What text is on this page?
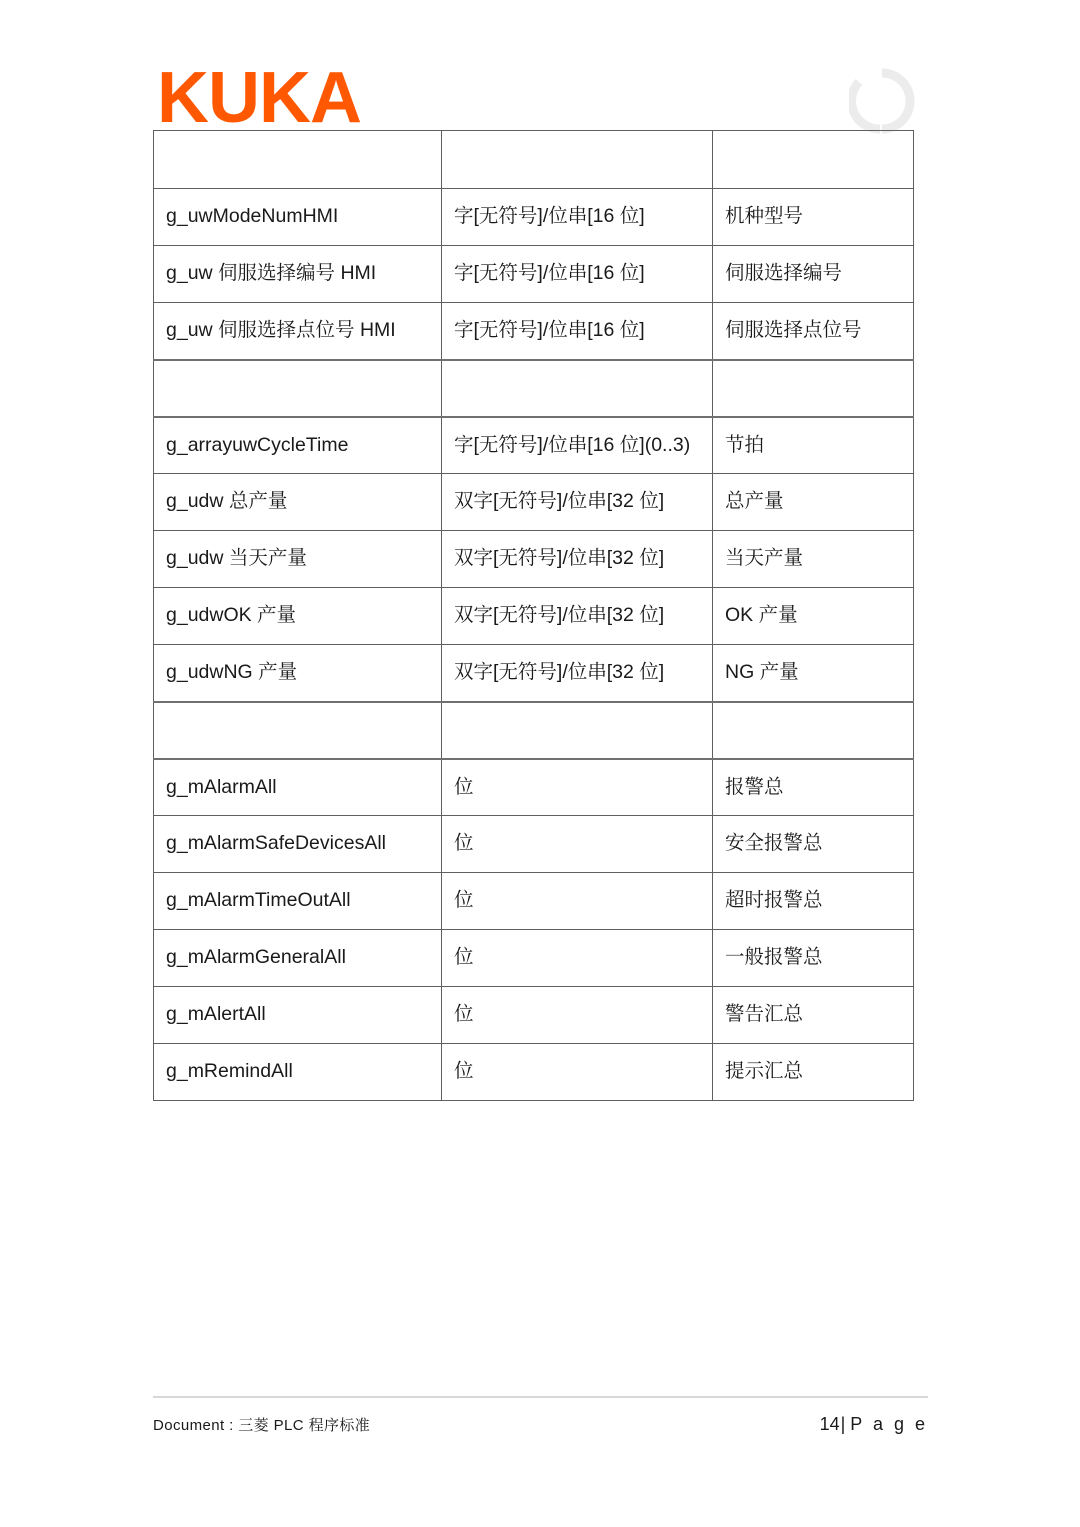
KUKA

g_uwModeNumHMI	字[无符号]/位串[16 位]	机种型号
g_uw 伺服选择编号 HMI	字[无符号]/位串[16 位]	伺服选择编号
g_uw 伺服选择点位号 HMI	字[无符号]/位串[16 位]	伺服选择点位号

g_arrayuwCycleTime	字[无符号]/位串[16 位](0..3)	节拍
g_udw 总产量	双字[无符号]/位串[32 位]	总产量
g_udw 当天产量	双字[无符号]/位串[32 位]	当天产量
g_udwOK 产量	双字[无符号]/位串[32 位]	OK 产量
g_udwNG 产量	双字[无符号]/位串[32 位]	NG 产量

g_mAlarmAll	位	报警总
g_mAlarmSafeDevicesAll	位	安全报警总
g_mAlarmTimeOutAll	位	超时报警总
g_mAlarmGeneralAll	位	一般报警总
g_mAlertAll	位	警告汇总
g_mRemindAll	位	提示汇总
Document : 三菱 PLC 程序标准	14| P a g e
